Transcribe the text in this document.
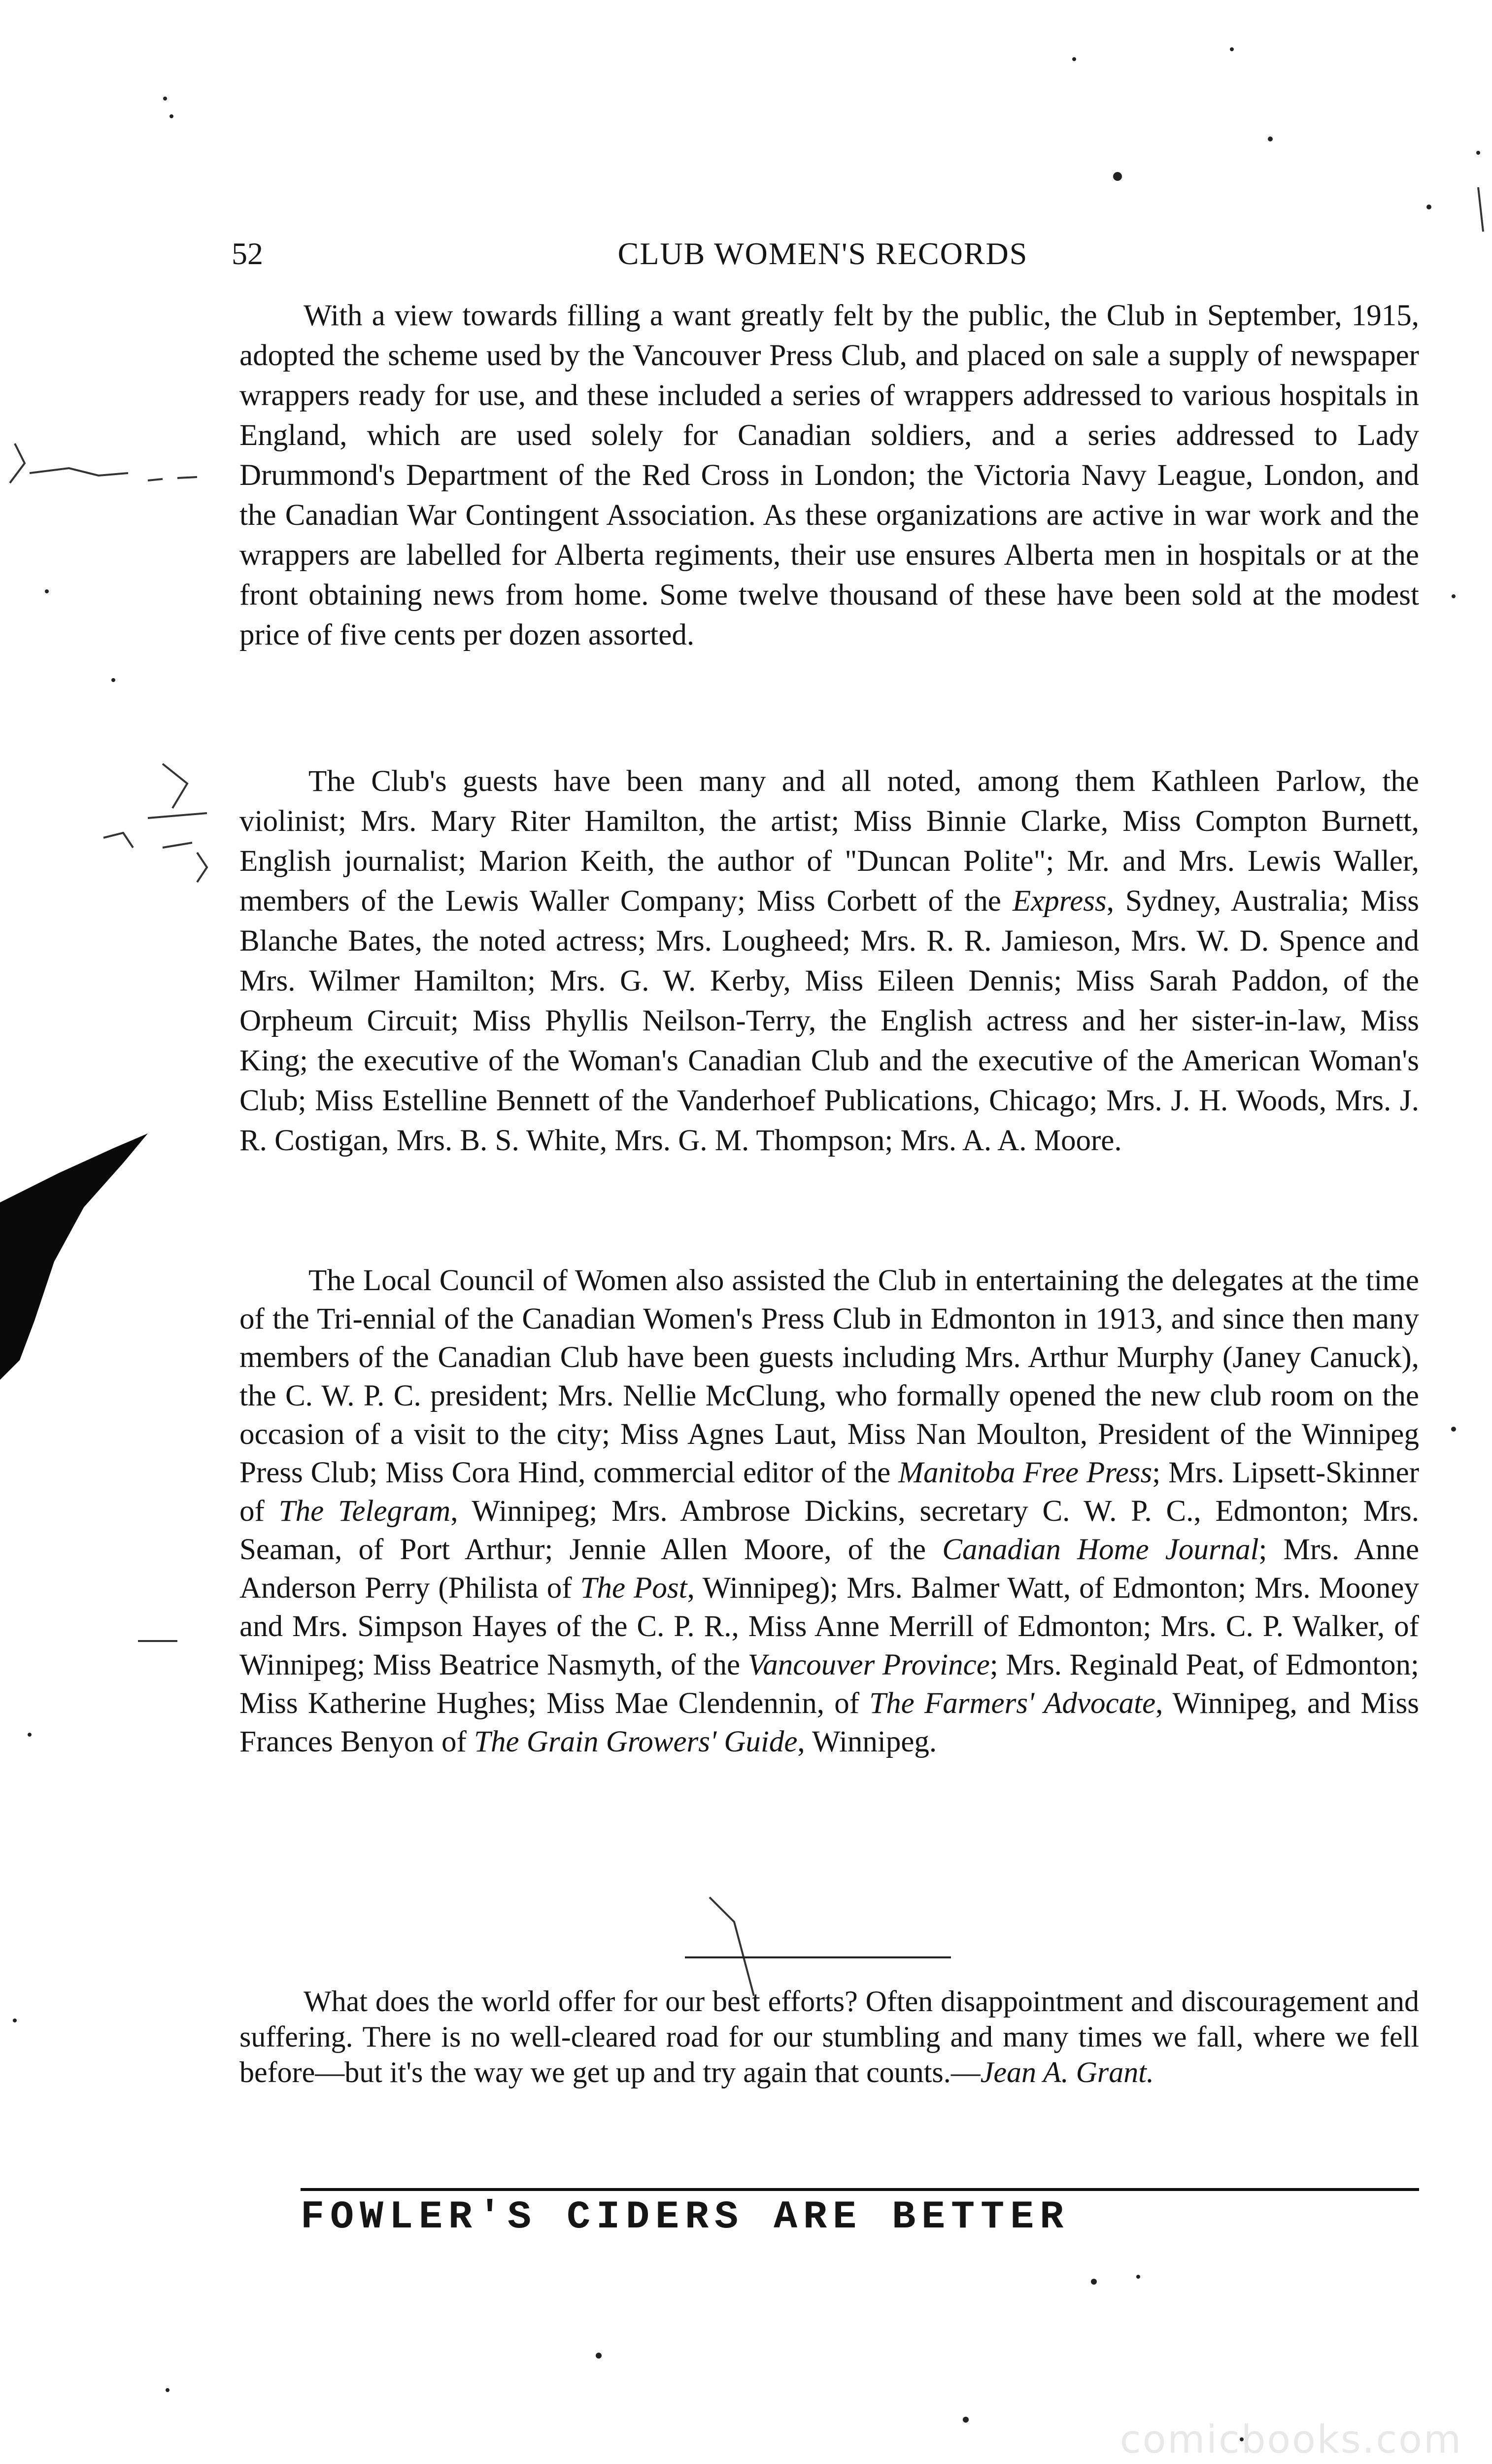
52	CLUB WOMEN'S RECORDS

With a view towards filling a want greatly felt by the public, the Club in September, 1915, adopted the scheme used by the Vancouver Press Club, and placed on sale a supply of newspaper wrappers ready for use, and these included a series of wrappers addressed to various hospitals in England, which are used solely for Canadian soldiers, and a series addressed to Lady Drummond's Department of the Red Cross in London; the Victoria Navy League, London, and the Canadian War Contingent Association. As these organizations are active in war work and the wrappers are labelled for Alberta regiments, their use ensures Alberta men in hospitals or at the front obtaining news from home. Some twelve thousand of these have been sold at the modest price of five cents per dozen assorted.

The Club's guests have been many and all noted, among them Kathleen Parlow, the violinist; Mrs. Mary Riter Hamilton, the artist; Miss Binnie Clarke, Miss Compton Burnett, English journalist; Marion Keith, the author of "Duncan Polite"; Mr. and Mrs. Lewis Waller, members of the Lewis Waller Company; Miss Corbett of the Express, Sydney, Australia; Miss Blanche Bates, the noted actress; Mrs. Lougheed; Mrs. R. R. Jamieson, Mrs. W. D. Spence and Mrs. Wilmer Hamilton; Mrs. G. W. Kerby, Miss Eileen Dennis; Miss Sarah Paddon, of the Orpheum Circuit; Miss Phyllis Neilson-Terry, the English actress and her sister-in-law, Miss King; the executive of the Woman's Canadian Club and the executive of the American Woman's Club; Miss Estelline Bennett of the Vanderhoef Publications, Chicago; Mrs. J. H. Woods, Mrs. J. R. Costigan, Mrs. B. S. White, Mrs. G. M. Thompson; Mrs. A. A. Moore.

The Local Council of Women also assisted the Club in entertaining the delegates at the time of the Tri-ennial of the Canadian Women's Press Club in Edmonton in 1913, and since then many members of the Canadian Club have been guests including Mrs. Arthur Murphy (Janey Canuck), the C. W. P. C. president; Mrs. Nellie McClung, who formally opened the new club room on the occasion of a visit to the city; Miss Agnes Laut, Miss Nan Moulton, President of the Winnipeg Press Club; Miss Cora Hind, commercial editor of the Manitoba Free Press; Mrs. Lipsett-Skinner of The Telegram, Winnipeg; Mrs. Ambrose Dickins, secretary C. W. P. C., Edmonton; Mrs. Seaman, of Port Arthur; Jennie Allen Moore, of the Canadian Home Journal; Mrs. Anne Anderson Perry (Philista of The Post, Winnipeg); Mrs. Balmer Watt, of Edmonton; Mrs. Mooney and Mrs. Simpson Hayes of the C. P. R., Miss Anne Merrill of Edmonton; Mrs. C. P. Walker, of Winnipeg; Miss Beatrice Nasmyth, of the Vancouver Province; Mrs. Reginald Peat, of Edmonton; Miss Katherine Hughes; Miss Mae Clendennin, of The Farmers' Advocate, Winnipeg, and Miss Frances Benyon of The Grain Growers' Guide, Winnipeg.

What does the world offer for our best efforts? Often disappointment and discouragement and suffering. There is no well-cleared road for our stumbling and many times we fall, where we fell before—but it's the way we get up and try again that counts.—Jean A. Grant.

FOWLER'S CIDERS ARE BETTER
comicbooks.com
